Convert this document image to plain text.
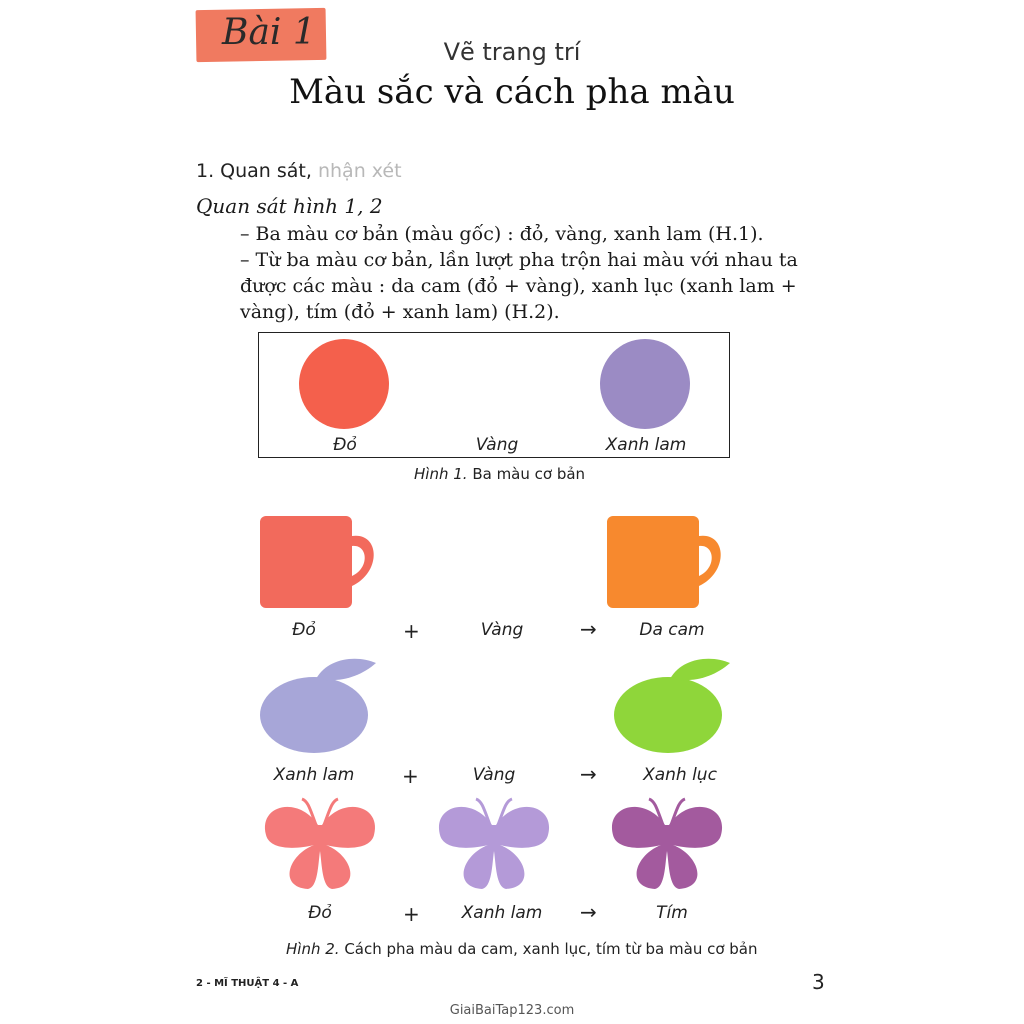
Bài 1	Vẽ trang trí
Màu sắc và cách pha màu
1. Quan sát, nhận xét
Quan sát hình 1, 2
– Ba màu cơ bản (màu gốc) : đỏ, vàng, xanh lam (H.1).
– Từ ba màu cơ bản, lần lượt pha trộn hai màu với nhau ta được các màu : da cam (đỏ + vàng), xanh lục (xanh lam + vàng), tím (đỏ + xanh lam) (H.2).
Đỏ	Vàng	Xanh lam
Hình 1. Ba màu cơ bản
Đỏ	+	Vàng	→	Da cam
Xanh lam	+	Vàng	→	Xanh lục
Đỏ	+	Xanh lam	→	Tím
Hình 2. Cách pha màu da cam, xanh lục, tím từ ba màu cơ bản
2 - MĨ THUẬT 4 - A	3
GiaiBaiTap123.com
